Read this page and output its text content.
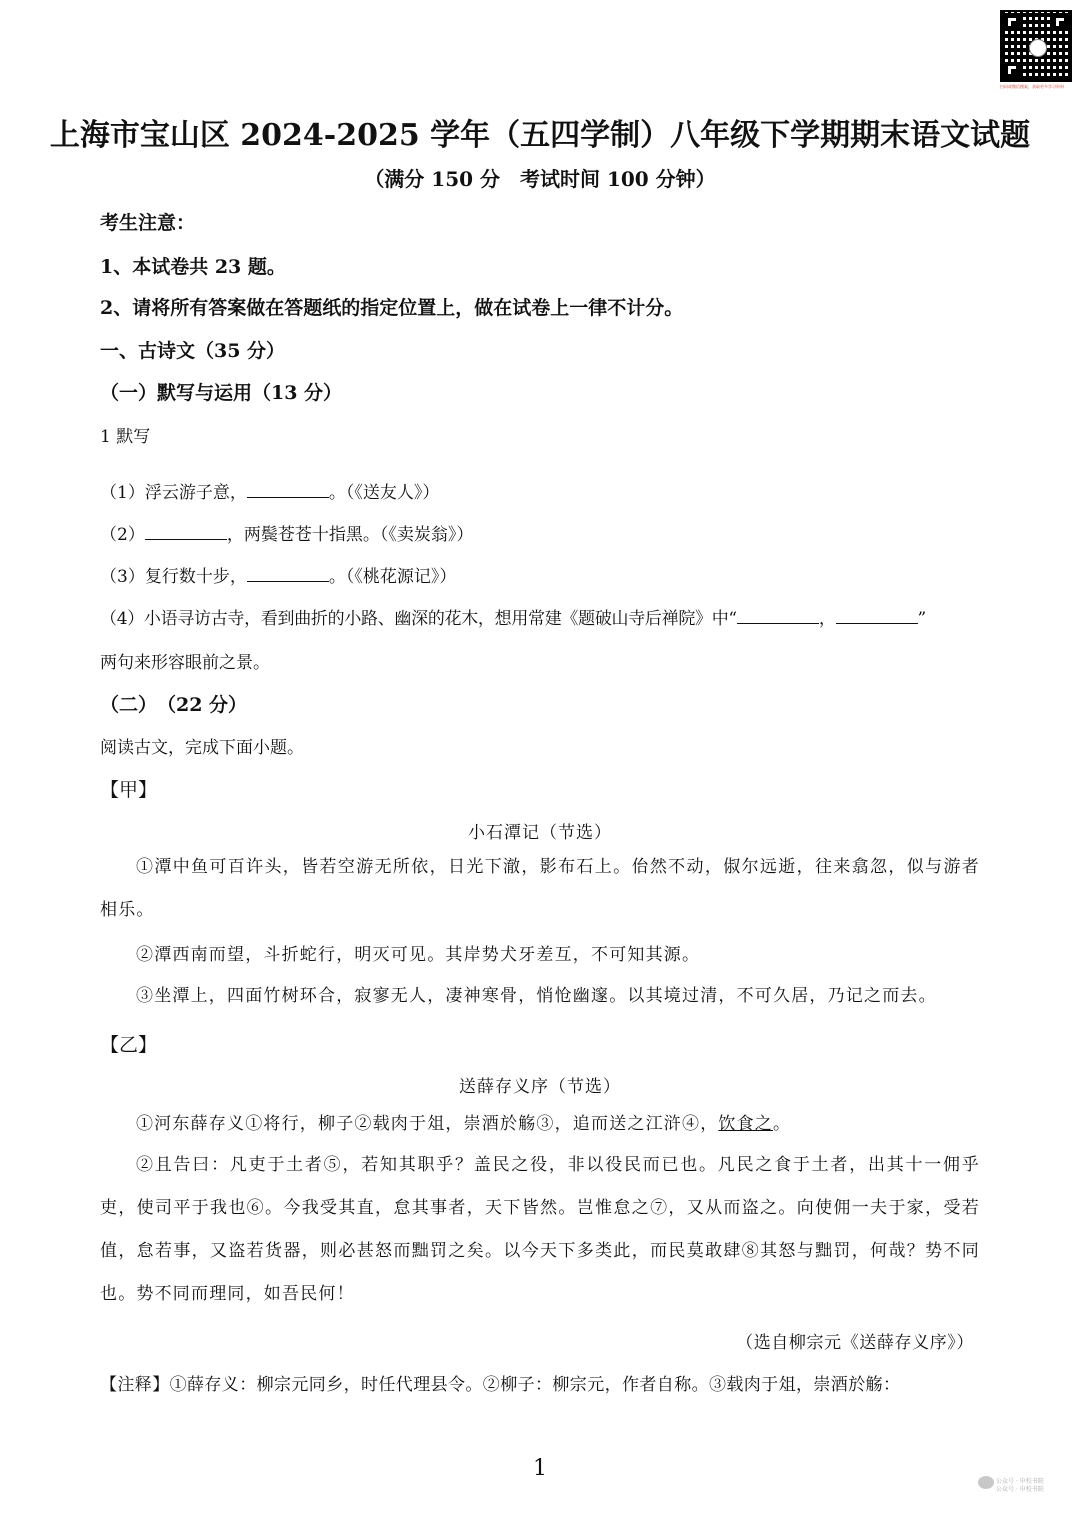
扫码或微信搜索，获取更多学习资料
上海市宝山区 2024-2025 学年（五四学制）八年级下学期期末语文试题
（满分 150 分　考试时间 100 分钟）
考生注意：
1、本试卷共 23 题。
2、请将所有答案做在答题纸的指定位置上，做在试卷上一律不计分。
一、古诗文（35 分）
（一）默写与运用（13 分）
1 默写
（1）浮云游子意，	。（《送友人》）
（2）	，两鬓苍苍十指黑。（《卖炭翁》）
（3）复行数十步，	。（《桃花源记》）
（4）小语寻访古寺，看到曲折的小路、幽深的花木，想用常建《题破山寺后禅院》中“	，	”
两句来形容眼前之景。
（二）　（22 分）
阅读古文，完成下面小题。
【甲】
小石潭记（节选）
①潭中鱼可百许头，皆若空游无所依，日光下澈，影布石上。佁然不动，俶尔远逝，往来翕忽，似与游者相乐。
②潭西南而望，斗折蛇行，明灭可见。其岸势犬牙差互，不可知其源。
③坐潭上，四面竹树环合，寂寥无人，凄神寒骨，悄怆幽邃。以其境过清，不可久居，乃记之而去。
【乙】
送薛存义序（节选）
①河东薛存义①将行，柳子②载肉于俎，崇酒於觞③，追而送之江浒④，饮食之。
②且告曰：凡吏于土者⑤，若知其职乎？盖民之役，非以役民而已也。凡民之食于土者，出其十一佣乎吏，使司平于我也⑥。今我受其直，怠其事者，天下皆然。岂惟怠之⑦，又从而盗之。向使佣一夫于家，受若值，怠若事，又盗若货器，则必甚怒而黜罚之矣。以今天下多类此，而民莫敢肆⑧其怒与黜罚，何哉？势不同也。势不同而理同，如吾民何！
（选自柳宗元《送薛存义序》）
【注释】①薛存义：柳宗元同乡，时任代理县令。②柳子：柳宗元，作者自称。③载肉于俎，崇酒於觞：
1
公众号 · 申校书院
公众号 · 申校书院
